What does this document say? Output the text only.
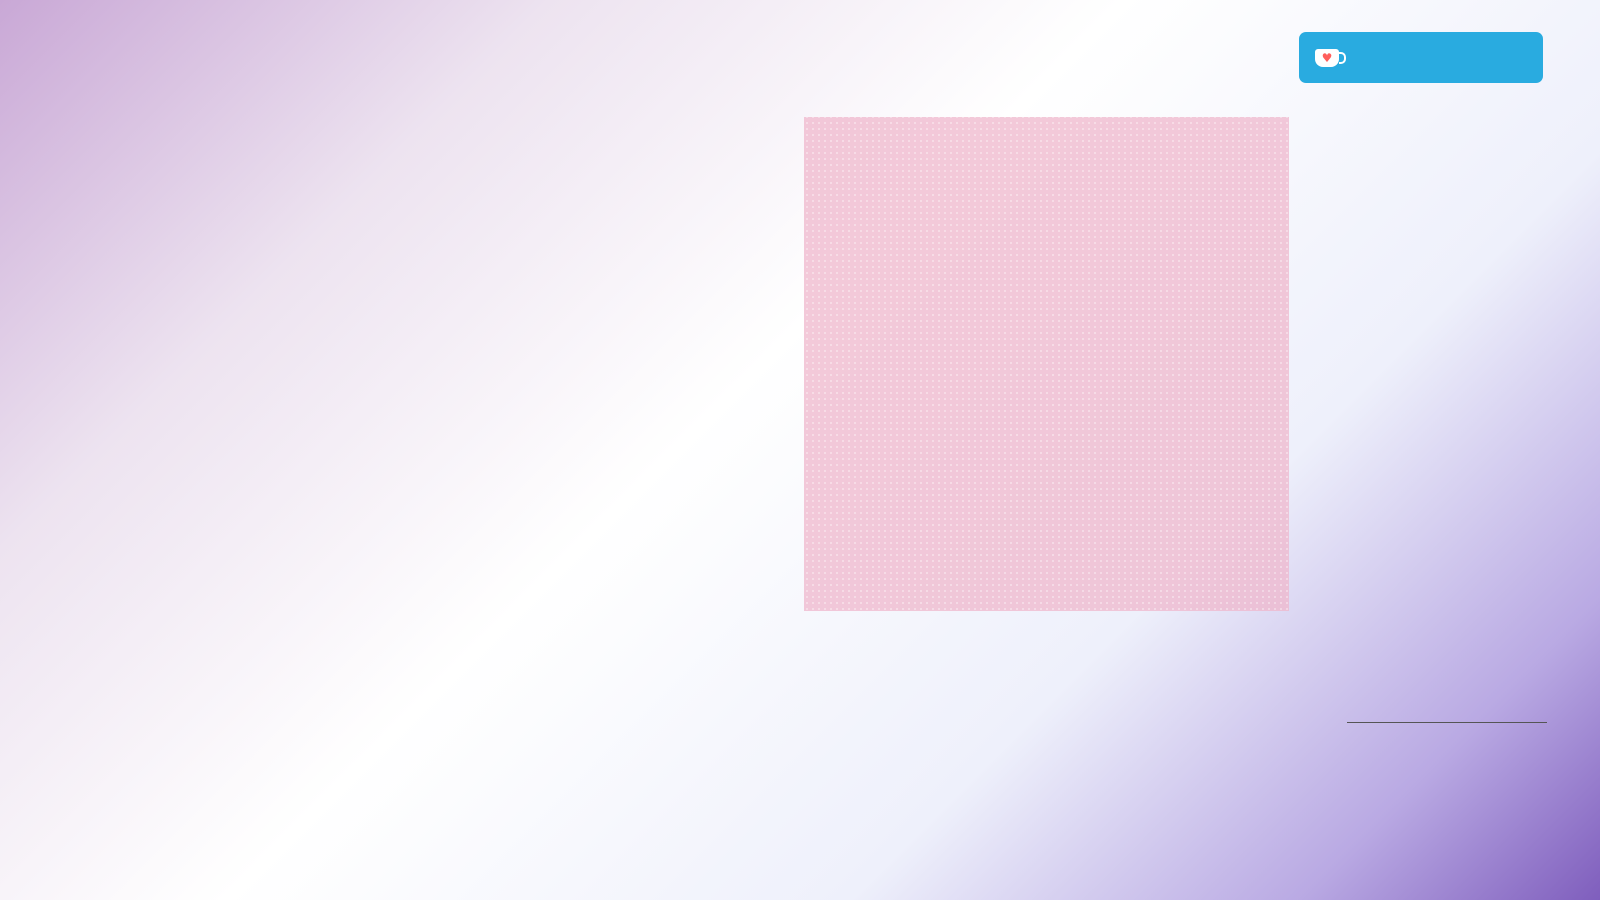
♥
